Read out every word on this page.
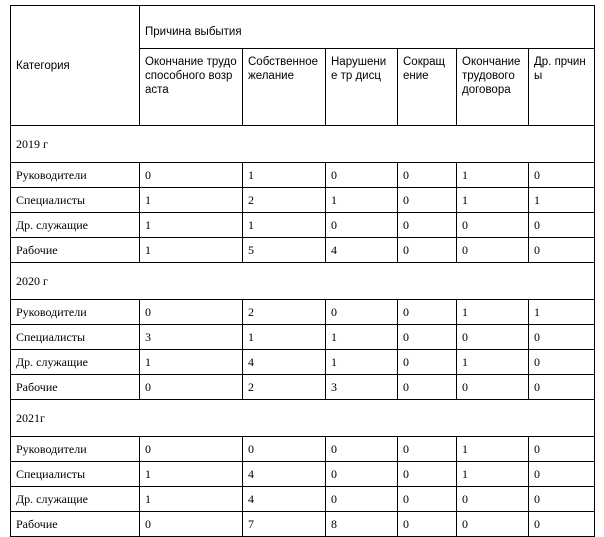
Категория	Причина выбытия					
	Окончание трудоспособного возраста	Собственное желание	Нарушение тр дисц	Сокращение	Окончание трудового договора	Др. прчины
2019 г						
Руководители	0	1	0	0	1	0
Специалисты	1	2	1	0	1	1
Др. служащие	1	1	0	0	0	0
Рабочие	1	5	4	0	0	0
2020 г						
Руководители	0	2	0	0	1	1
Специалисты	3	1	1	0	0	0
Др. служащие	1	4	1	0	1	0
Рабочие	0	2	3	0	0	0
2021г						
Руководители	0	0	0	0	1	0
Специалисты	1	4	0	0	1	0
Др. служащие	1	4	0	0	0	0
Рабочие	0	7	8	0	0	0
